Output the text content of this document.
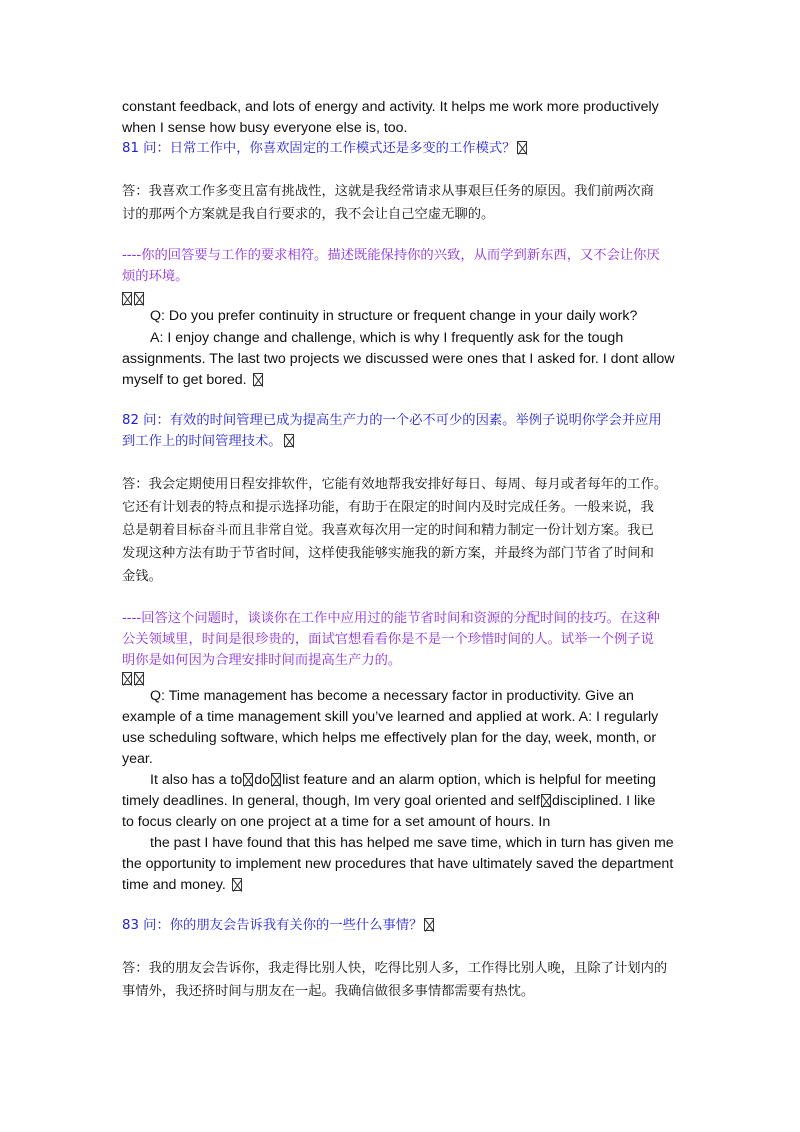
constant feedback, and lots of energy and activity. It helps me work more productively
when I sense how busy everyone else is, too.
81 问：日常工作中，你喜欢固定的工作模式还是多变的工作模式？
答：我喜欢工作多变且富有挑战性，这就是我经常请求从事艰巨任务的原因。我们前两次商
讨的那两个方案就是我自行要求的，我不会让自己空虚无聊的。
----你的回答要与工作的要求相符。描述既能保持你的兴致，从而学到新东西，又不会让你厌
烦的环境。
Q: Do you prefer continuity in structure or frequent change in your daily work?
A: I enjoy change and challenge, which is why I frequently ask for the tough
assignments. The last two projects we discussed were ones that I asked for. I dont allow
myself to get bored.
82 问：有效的时间管理已成为提高生产力的一个必不可少的因素。举例子说明你学会并应用
到工作上的时间管理技术。
答：我会定期使用日程安排软件，它能有效地帮我安排好每日、每周、每月或者每年的工作。
它还有计划表的特点和提示选择功能，有助于在限定的时间内及时完成任务。一般来说，我
总是朝着目标奋斗而且非常自觉。我喜欢每次用一定的时间和精力制定一份计划方案。我已
发现这种方法有助于节省时间，这样使我能够实施我的新方案，并最终为部门节省了时间和
金钱。
----回答这个问题时，谈谈你在工作中应用过的能节省时间和资源的分配时间的技巧。在这种
公关领域里，时间是很珍贵的，面试官想看看你是不是一个珍惜时间的人。试举一个例子说
明你是如何因为合理安排时间而提高生产力的。
Q: Time management has become a necessary factor in productivity. Give an
example of a time management skill you’ve learned and applied at work. A: I regularly
use scheduling software, which helps me effectively plan for the day, week, month, or
year.
It also has a to do list feature and an alarm option, which is helpful for meeting
timely deadlines. In general, though, Im very goal oriented and self disciplined. I like
to focus clearly on one project at a time for a set amount of hours. In
the past I have found that this has helped me save time, which in turn has given me
the opportunity to implement new procedures that have ultimately saved the department
time and money.
83 问：你的朋友会告诉我有关你的一些什么事情？
答：我的朋友会告诉你，我走得比别人快，吃得比别人多，工作得比别人晚，且除了计划内的
事情外，我还挤时间与朋友在一起。我确信做很多事情都需要有热忱。
